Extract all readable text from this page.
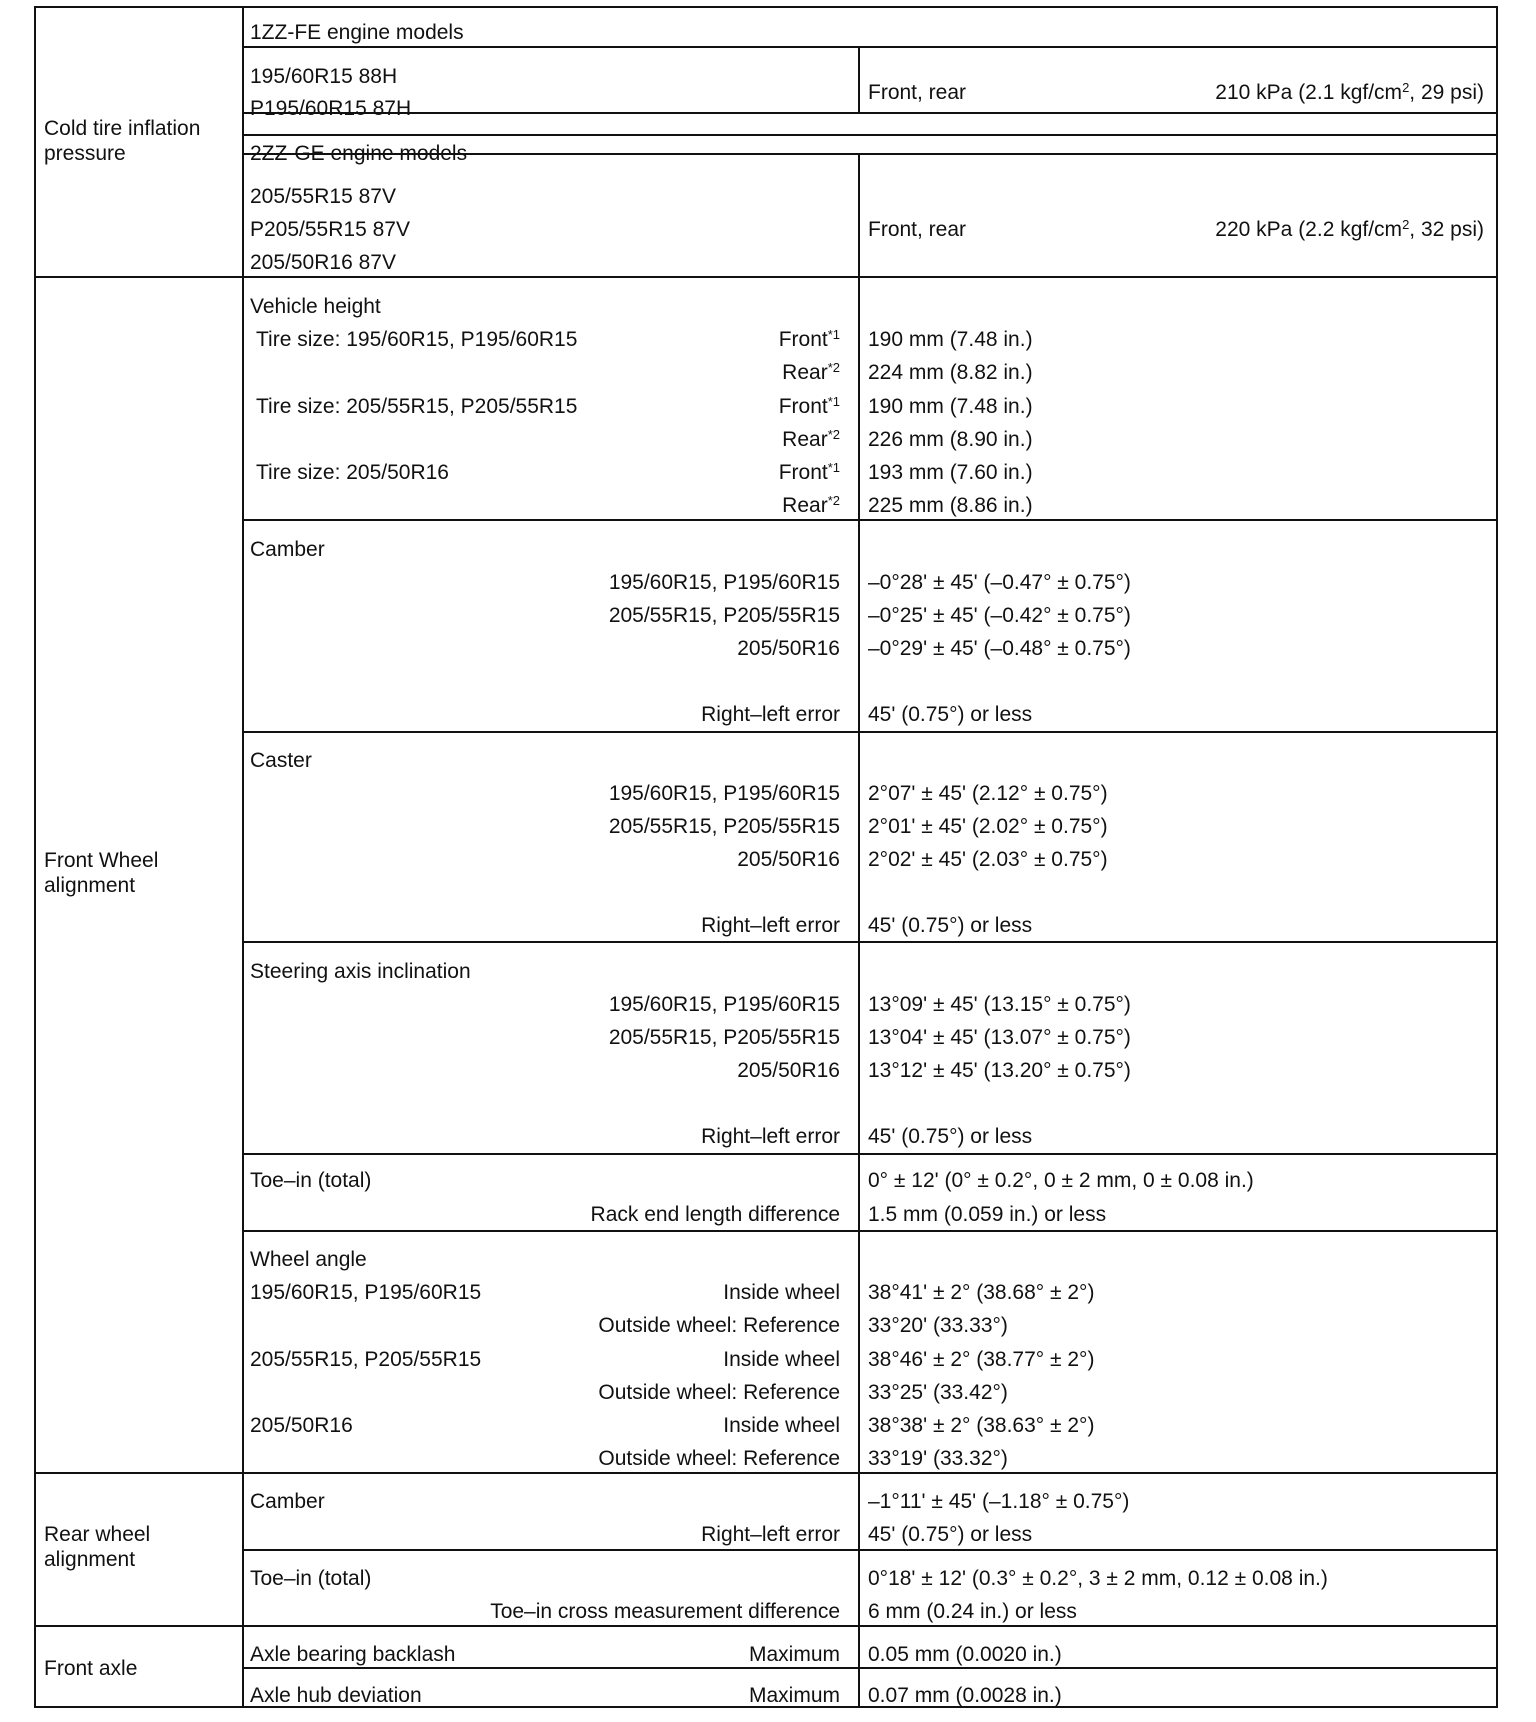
Cold tire inflation
pressure
1ZZ-FE engine models
195/60R15 88H
P195/60R15 87H
Front, rear	210 kPa (2.1 kgf/$cm^2$, 29 psi)
2ZZ-GE engine models
205/55R15 87V
P205/55R15 87V
205/50R16 87V
Front, rear	220 kPa (2.2 kgf/$cm^2$, 32 psi)
Front Wheel
alignment
Vehicle height
Tire size: 195/60R15, P195/60R15	Front$^{*1}$ 190 mm (7.48 in.)
Rear$^{*2}$ 224 mm (8.82 in.)
Tire size: 205/55R15, P205/55R15	Front$^{*1}$ 190 mm (7.48 in.)
Rear$^{*2}$ 226 mm (8.90 in.)
Tire size: 205/50R16	Front$^{*1}$ 193 mm (7.60 in.)
Rear$^{*2}$ 225 mm (8.86 in.)
Camber
195/60R15, P195/60R15 –0°28' ± 45' (–0.47° ± 0.75°)
205/55R15, P205/55R15 –0°25' ± 45' (–0.42° ± 0.75°)
205/50R16 –0°29' ± 45' (–0.48° ± 0.75°)
Right–left error 45' (0.75°) or less
Caster
195/60R15, P195/60R15 2°07' ± 45' (2.12° ± 0.75°)
205/55R15, P205/55R15 2°01' ± 45' (2.02° ± 0.75°)
205/50R16 2°02' ± 45' (2.03° ± 0.75°)
Right–left error 45' (0.75°) or less
Steering axis inclination
195/60R15, P195/60R15 13°09' ± 45' (13.15° ± 0.75°)
205/55R15, P205/55R15 13°04' ± 45' (13.07° ± 0.75°)
205/50R16 13°12' ± 45' (13.20° ± 0.75°)
Right–left error 45' (0.75°) or less
Toe–in (total)	0° ± 12' (0° ± 0.2°, 0 ± 2 mm, 0 ± 0.08 in.)
Rack end length difference 1.5 mm (0.059 in.) or less
Wheel angle
195/60R15, P195/60R15	Inside wheel 38°41' ± 2° (38.68° ± 2°)
Outside wheel: Reference 33°20' (33.33°)
205/55R15, P205/55R15	Inside wheel 38°46' ± 2° (38.77° ± 2°)
Outside wheel: Reference 33°25' (33.42°)
205/50R16	Inside wheel 38°38' ± 2° (38.63° ± 2°)
Outside wheel: Reference 33°19' (33.32°)
Rear wheel
alignment
Camber	–1°11' ± 45' (–1.18° ± 0.75°)
Right–left error 45' (0.75°) or less
Toe–in (total)	0°18' ± 12' (0.3° ± 0.2°, 3 ± 2 mm, 0.12 ± 0.08 in.)
Toe–in cross measurement difference 6 mm (0.24 in.) or less
Front axle
Axle bearing backlash	Maximum 0.05 mm (0.0020 in.)
Axle hub deviation	Maximum 0.07 mm (0.0028 in.)
